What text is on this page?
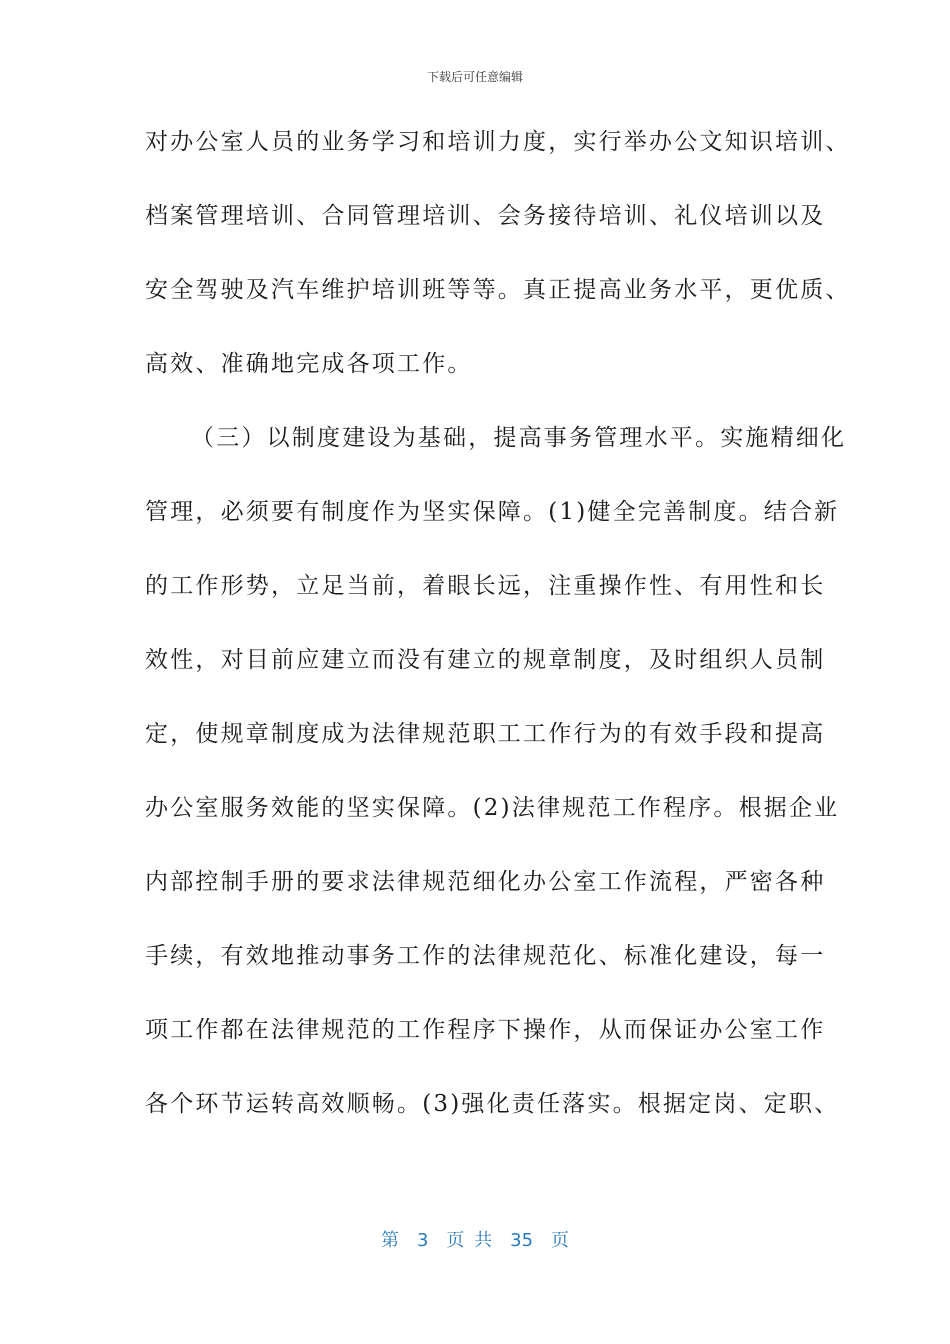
下载后可任意编辑
对办公室人员的业务学习和培训力度，实行举办公文知识培训、
档案管理培训、合同管理培训、会务接待培训、礼仪培训以及
安全驾驶及汽车维护培训班等等。真正提高业务水平，更优质、
高效、准确地完成各项工作。
（三）以制度建设为基础，提高事务管理水平。实施精细化
管理，必须要有制度作为坚实保障。(1)健全完善制度。结合新
的工作形势，立足当前，着眼长远，注重操作性、有用性和长
效性，对目前应建立而没有建立的规章制度，及时组织人员制
定，使规章制度成为法律规范职工工作行为的有效手段和提高
办公室服务效能的坚实保障。(2)法律规范工作程序。根据企业
内部控制手册的要求法律规范细化办公室工作流程，严密各种
手续，有效地推动事务工作的法律规范化、标准化建设，每一
项工作都在法律规范的工作程序下操作，从而保证办公室工作
各个环节运转高效顺畅。(3)强化责任落实。根据定岗、定职、
第 3 页 共 35 页
